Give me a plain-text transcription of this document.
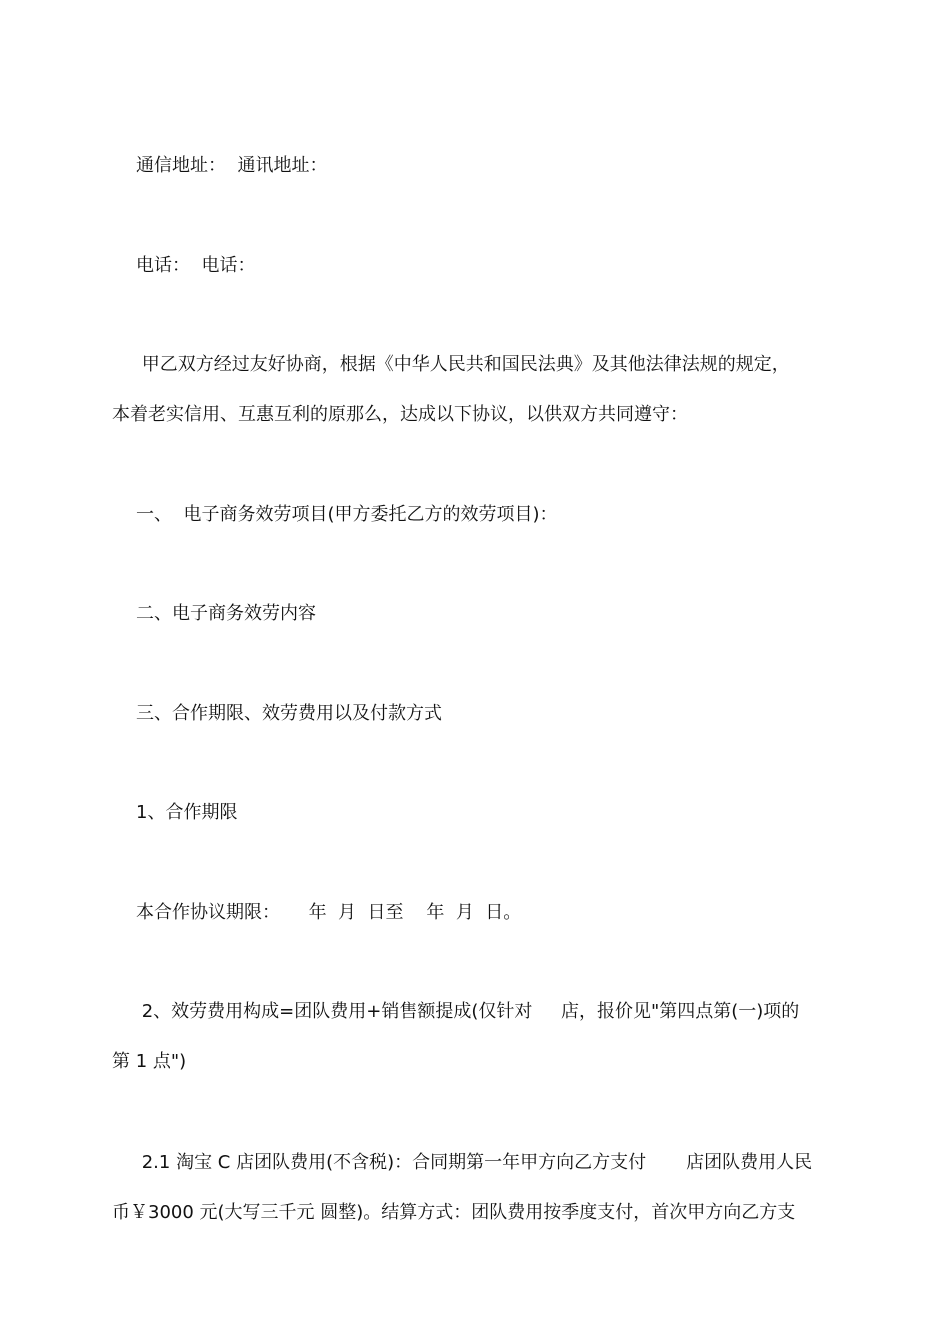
通信地址：  通讯地址：
电话：  电话：
甲乙双方经过友好协商，根据《中华人民共和国民法典》及其他法律法规的规定，
本着老实信用、互惠互利的原那么，达成以下协议，以供双方共同遵守：
一、  电子商务效劳项目(甲方委托乙方的效劳项目)：
二、电子商务效劳内容
三、合作期限、效劳费用以及付款方式
1、合作期限
本合作协议期限：     年  月  日至    年  月  日。
2、效劳费用构成=团队费用+销售额提成(仅针对     店，报价见"第四点第(一)项的
第 1 点")
2.1 淘宝 C 店团队费用(不含税)：合同期第一年甲方向乙方支付       店团队费用人民
币￥3000 元(大写三千元 圆整)。结算方式：团队费用按季度支付，首次甲方向乙方支
